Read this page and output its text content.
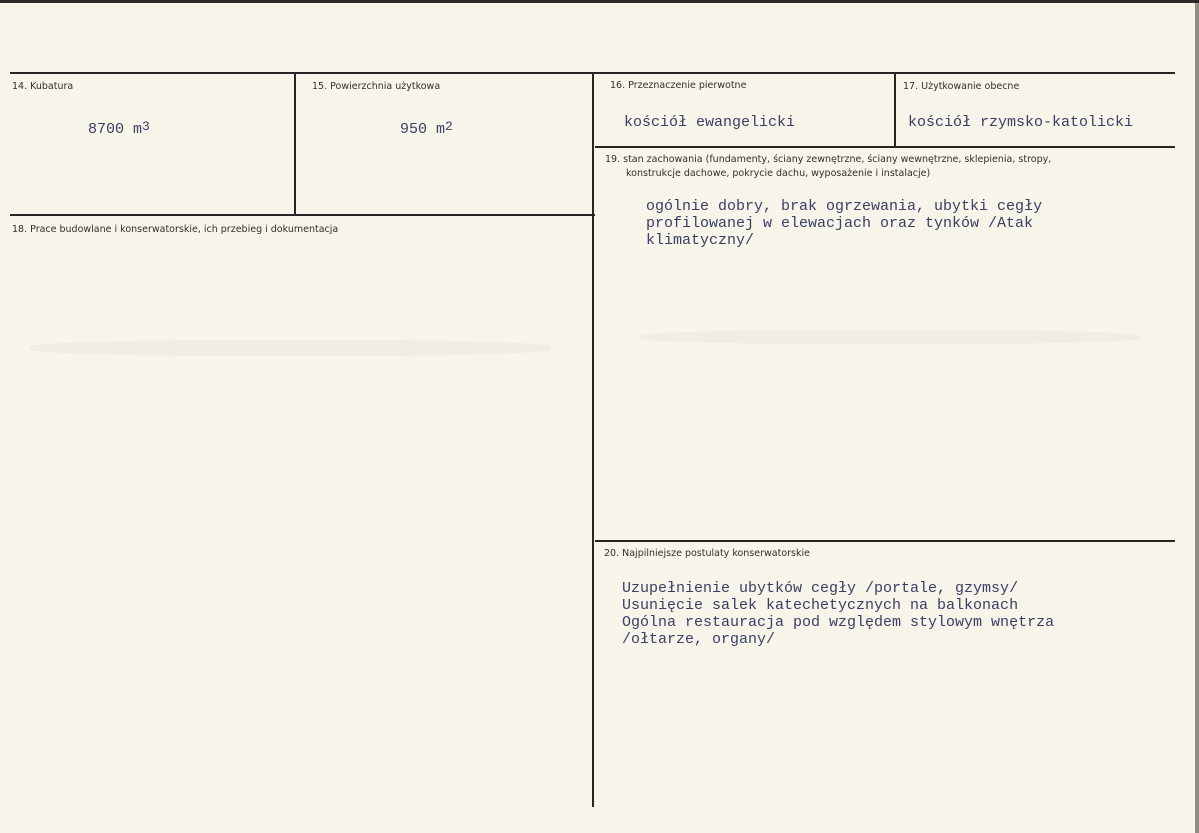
14. Kubatura
8700 $m^3$
15. Powierzchnia użytkowa
950 $m^2$
16. Przeznaczenie pierwotne
kościół ewangelicki
17. Użytkowanie obecne
kościół rzymsko-katolicki
18. Prace budowlane i konserwatorskie, ich przebieg i dokumentacja
19. stan zachowania (fundamenty, ściany zewnętrzne, ściany wewnętrzne, sklepienia, stropy,
konstrukcje dachowe, pokrycie dachu, wyposażenie i instalacje)
ogólnie dobry, brak ogrzewania, ubytki cegły
profilowanej w elewacjach oraz tynków /Atak
klimatyczny/
20. Najpilniejsze postulaty konserwatorskie
Uzupełnienie ubytków cegły /portale, gzymsy/
Usunięcie salek katechetycznych na balkonach
Ogólna restauracja pod względem stylowym wnętrza
/ołtarze, organy/
